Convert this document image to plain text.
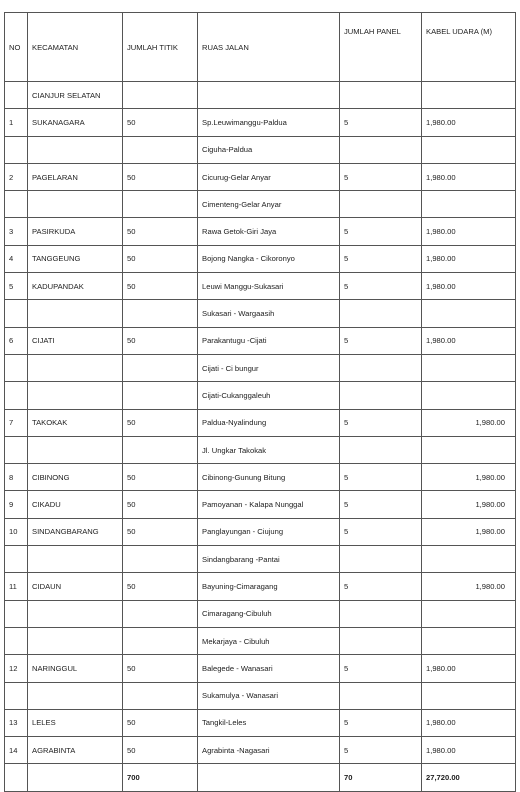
NO	KECAMATAN	JUMLAH TITIK	RUAS JALAN	JUMLAH PANEL	KABEL UDARA (M)
	CIANJUR SELATAN				
1	SUKANAGARA	50	Sp.Leuwimanggu-Paldua	5	1,980.00
			Ciguha-Paldua		
2	PAGELARAN	50	Cicurug-Gelar Anyar	5	1,980.00
			Cimenteng-Gelar Anyar		
3	PASIRKUDA	50	Rawa Getok-Giri Jaya	5	1,980.00
4	TANGGEUNG	50	Bojong Nangka - Cikoronyo	5	1,980.00
5	KADUPANDAK	50	Leuwi Manggu-Sukasari	5	1,980.00
			Sukasari - Wargaasih		
6	CIJATI	50	Parakantugu -Cijati	5	1,980.00
			Cijati - Ci bungur		
			Cijati-Cukanggaleuh		
7	TAKOKAK	50	Paldua-Nyalindung	5	1,980.00
			Jl. Ungkar Takokak		
8	CIBINONG	50	Cibinong-Gunung Bitung	5	1,980.00
9	CIKADU	50	Pamoyanan - Kalapa Nunggal	5	1,980.00
10	SINDANGBARANG	50	Panglayungan - Ciujung	5	1,980.00
			Sindangbarang -Pantai		
11	CIDAUN	50	Bayuning-Cimaragang	5	1,980.00
			Cimaragang-Cibuluh		
			Mekarjaya - Cibuluh		
12	NARINGGUL	50	Balegede - Wanasari	5	1,980.00
			Sukamulya - Wanasari		
13	LELES	50	Tangkil-Leles	5	1,980.00
14	AGRABINTA	50	Agrabinta -Nagasari	5	1,980.00
		700		70	27,720.00
